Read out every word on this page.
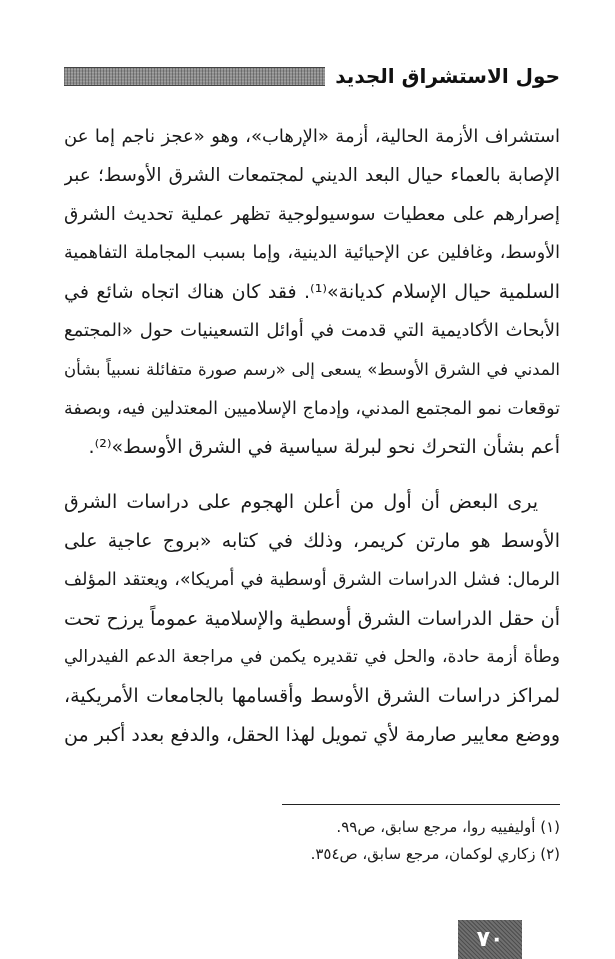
حول الاستشراق الجديد
استشراف الأزمة الحالية، أزمة «الإرهاب»، وهو «عجز ناجم إما عن
الإصابة بالعماء حيال البعد الديني لمجتمعات الشرق الأوسط؛ عبر
إصرارهم على معطيات سوسيولوجية تظهر عملية تحديث الشرق
الأوسط، وغافلين عن الإحيائية الدينية، وإما بسبب المجاملة التفاهمية
السلمية حيال الإسلام كديانة»⁽¹⁾. فقد كان هناك اتجاه شائع في
الأبحاث الأكاديمية التي قدمت في أوائل التسعينيات حول «المجتمع
المدني في الشرق الأوسط» يسعى إلى «رسم صورة متفائلة نسبياً بشأن
توقعات نمو المجتمع المدني، وإدماج الإسلاميين المعتدلين فيه، وبصفة
أعم بشأن التحرك نحو لبرلة سياسية في الشرق الأوسط»⁽²⁾.
يرى البعض أن أول من أعلن الهجوم على دراسات الشرق
الأوسط هو مارتن كريمر، وذلك في كتابه «بروج عاجية على
الرمال: فشل الدراسات الشرق أوسطية في أمريكا»، ويعتقد المؤلف
أن حقل الدراسات الشرق أوسطية والإسلامية عموماً يرزح تحت
وطأة أزمة حادة، والحل في تقديره يكمن في مراجعة الدعم الفيدرالي
لمراكز دراسات الشرق الأوسط وأقسامها بالجامعات الأمريكية،
ووضع معايير صارمة لأي تمويل لهذا الحقل، والدفع بعدد أكبر من
(١) أوليفييه روا، مرجع سابق، ص٩٩.
(٢) زكاري لوكمان، مرجع سابق، ص٣٥٤.
٧٠
